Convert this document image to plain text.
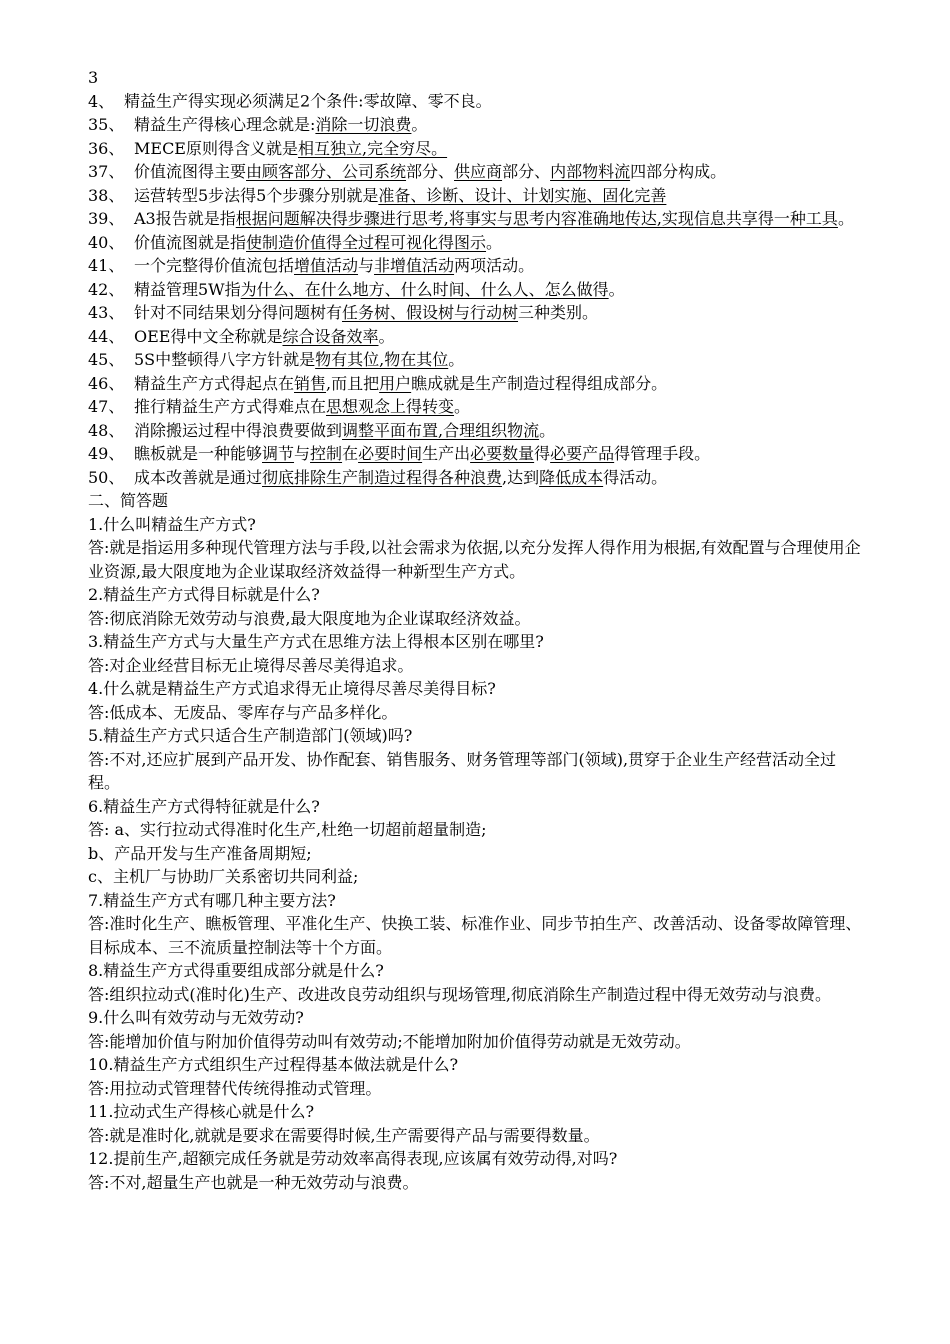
34、 精益生产得实现必须满足2个条件:零故障、零不良。
35、 精益生产得核心理念就是:消除一切浪费。
36、 MECE原则得含义就是相互独立,完全穷尽。
37、 价值流图得主要由顾客部分、公司系统部分、供应商部分、内部物料流四部分构成。
38、 运营转型5步法得5个步骤分别就是准备、诊断、设计、计划实施、固化完善
39、 A3报告就是指根据问题解决得步骤进行思考,将事实与思考内容准确地传达,实现信息共享得一种工具。
40、 价值流图就是指使制造价值得全过程可视化得图示。
41、 一个完整得价值流包括增值活动与非增值活动两项活动。
42、 精益管理5W指为什么、在什么地方、什么时间、什么人、怎么做得。
43、 针对不同结果划分得问题树有任务树、假设树与行动树三种类别。
44、 OEE得中文全称就是综合设备效率。
45、 5S中整顿得八字方针就是物有其位,物在其位。
46、 精益生产方式得起点在销售,而且把用户瞧成就是生产制造过程得组成部分。
47、 推行精益生产方式得难点在思想观念上得转变。
48、 消除搬运过程中得浪费要做到调整平面布置,合理组织物流。
49、 瞧板就是一种能够调节与控制在必要时间生产出必要数量得必要产品得管理手段。
50、 成本改善就是通过彻底排除生产制造过程得各种浪费,达到降低成本得活动。
二、简答题
1.什么叫精益生产方式?
答:就是指运用多种现代管理方法与手段,以社会需求为依据,以充分发挥人得作用为根据,有效配置与合理使用企业资源,最大限度地为企业谋取经济效益得一种新型生产方式。
2.精益生产方式得目标就是什么?
答:彻底消除无效劳动与浪费,最大限度地为企业谋取经济效益。
3.精益生产方式与大量生产方式在思维方法上得根本区别在哪里?
答:对企业经营目标无止境得尽善尽美得追求。
4.什么就是精益生产方式追求得无止境得尽善尽美得目标?
答:低成本、无废品、零库存与产品多样化。
5.精益生产方式只适合生产制造部门(领域)吗?
答:不对,还应扩展到产品开发、协作配套、销售服务、财务管理等部门(领域),贯穿于企业生产经营活动全过程。
6.精益生产方式得特征就是什么?
答: a、实行拉动式得准时化生产,杜绝一切超前超量制造;
b、产品开发与生产准备周期短;
c、主机厂与协助厂关系密切共同利益;
7.精益生产方式有哪几种主要方法?
答:准时化生产、瞧板管理、平准化生产、快换工装、标准作业、同步节拍生产、改善活动、设备零故障管理、目标成本、三不流质量控制法等十个方面。
8.精益生产方式得重要组成部分就是什么?
答:组织拉动式(准时化)生产、改进改良劳动组织与现场管理,彻底消除生产制造过程中得无效劳动与浪费。
9.什么叫有效劳动与无效劳动?
答:能增加价值与附加价值得劳动叫有效劳动;不能增加附加价值得劳动就是无效劳动。
10.精益生产方式组织生产过程得基本做法就是什么?
答:用拉动式管理替代传统得推动式管理。
11.拉动式生产得核心就是什么?
答:就是准时化,就就是要求在需要得时候,生产需要得产品与需要得数量。
12.提前生产,超额完成任务就是劳动效率高得表现,应该属有效劳动得,对吗?
答:不对,超量生产也就是一种无效劳动与浪费。
